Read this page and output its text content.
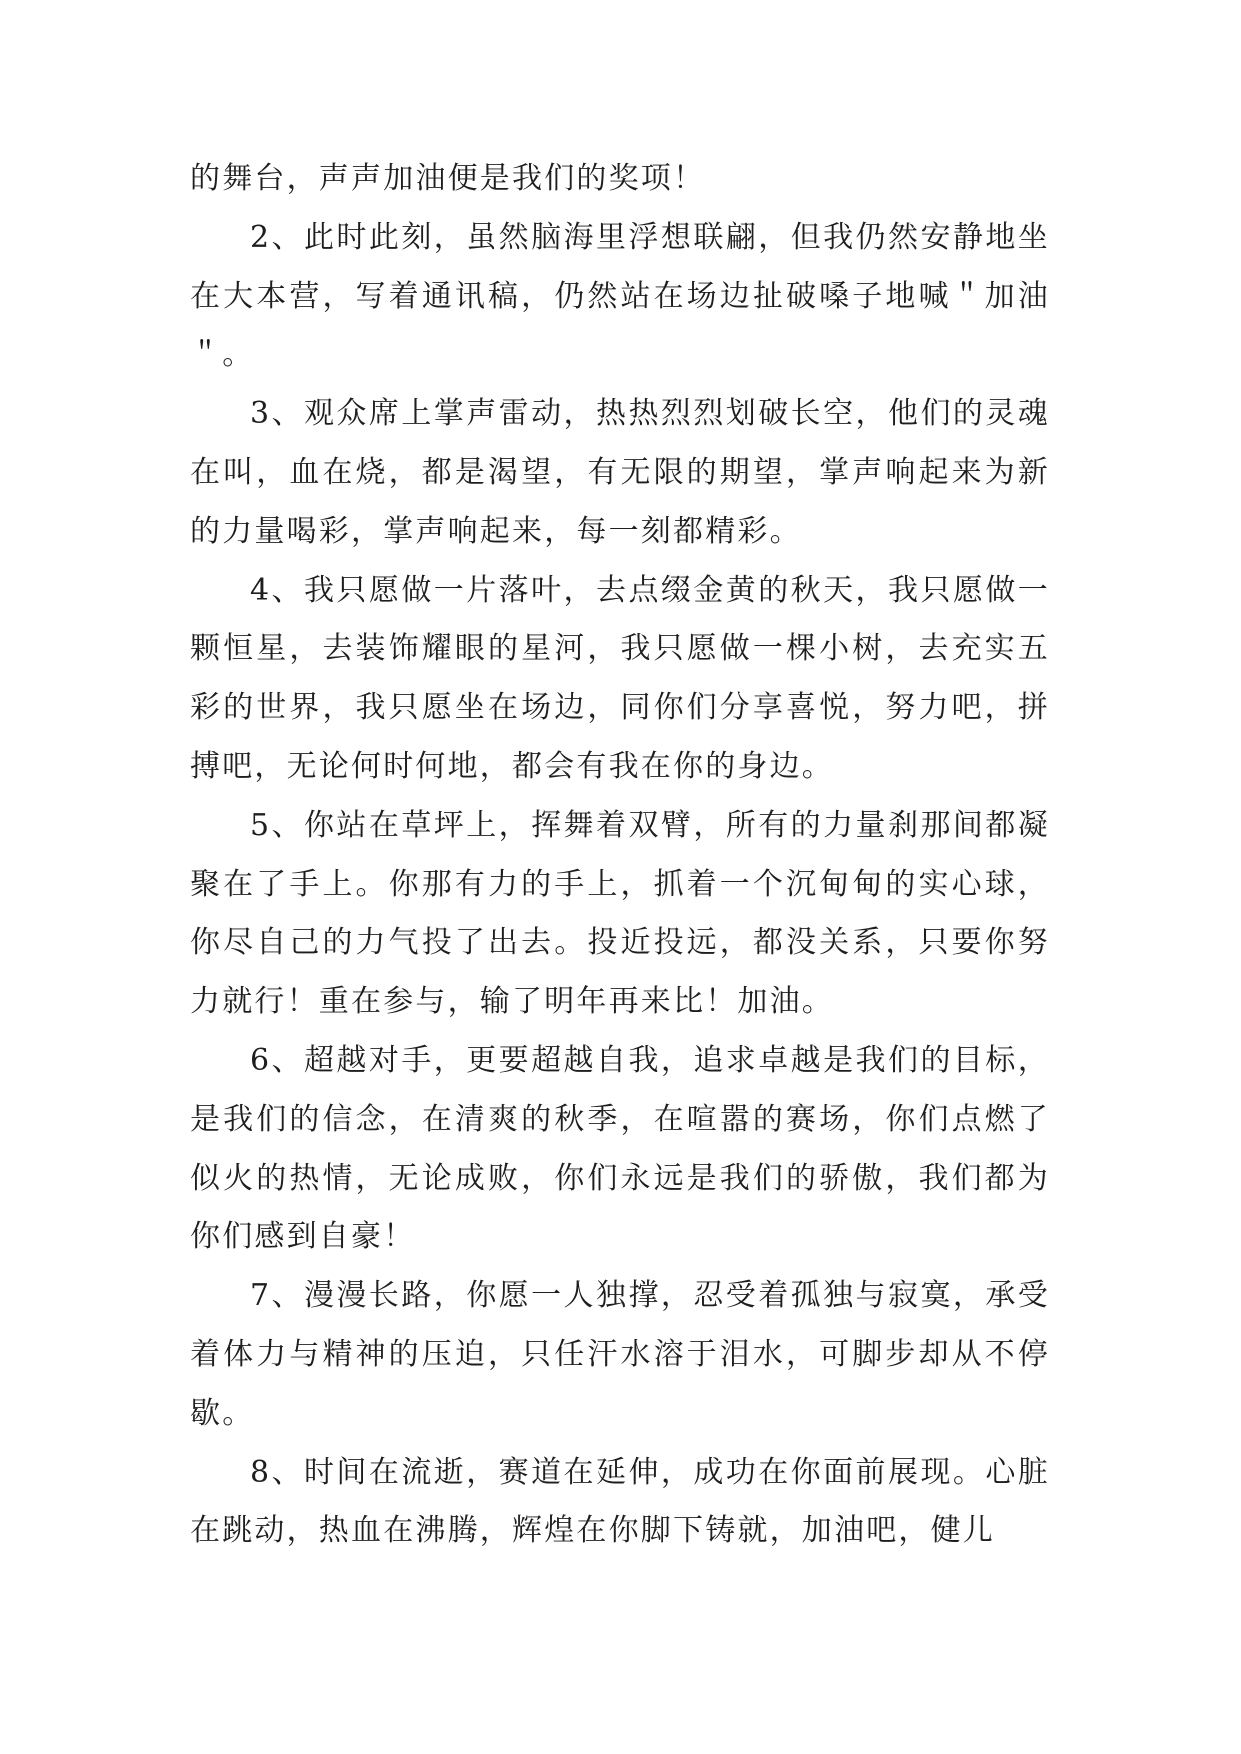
的舞台，声声加油便是我们的奖项！

2、此时此刻，虽然脑海里浮想联翩，但我仍然安静地坐在大本营，写着通讯稿，仍然站在场边扯破嗓子地喊＂加油＂。

3、观众席上掌声雷动，热热烈烈划破长空，他们的灵魂在叫，血在烧，都是渴望，有无限的期望，掌声响起来为新的力量喝彩，掌声响起来，每一刻都精彩。

4、我只愿做一片落叶，去点缀金黄的秋天，我只愿做一颗恒星，去装饰耀眼的星河，我只愿做一棵小树，去充实五彩的世界，我只愿坐在场边，同你们分享喜悦，努力吧，拼搏吧，无论何时何地，都会有我在你的身边。

5、你站在草坪上，挥舞着双臂，所有的力量刹那间都凝聚在了手上。你那有力的手上，抓着一个沉甸甸的实心球，你尽自己的力气投了出去。投近投远，都没关系，只要你努力就行！重在参与，输了明年再来比！加油。

6、超越对手，更要超越自我，追求卓越是我们的目标，是我们的信念，在清爽的秋季，在喧嚣的赛场，你们点燃了似火的热情，无论成败，你们永远是我们的骄傲，我们都为你们感到自豪！

7、漫漫长路，你愿一人独撑，忍受着孤独与寂寞，承受着体力与精神的压迫，只任汗水溶于泪水，可脚步却从不停歇。

8、时间在流逝，赛道在延伸，成功在你面前展现。心脏在跳动，热血在沸腾，辉煌在你脚下铸就，加油吧，健儿
